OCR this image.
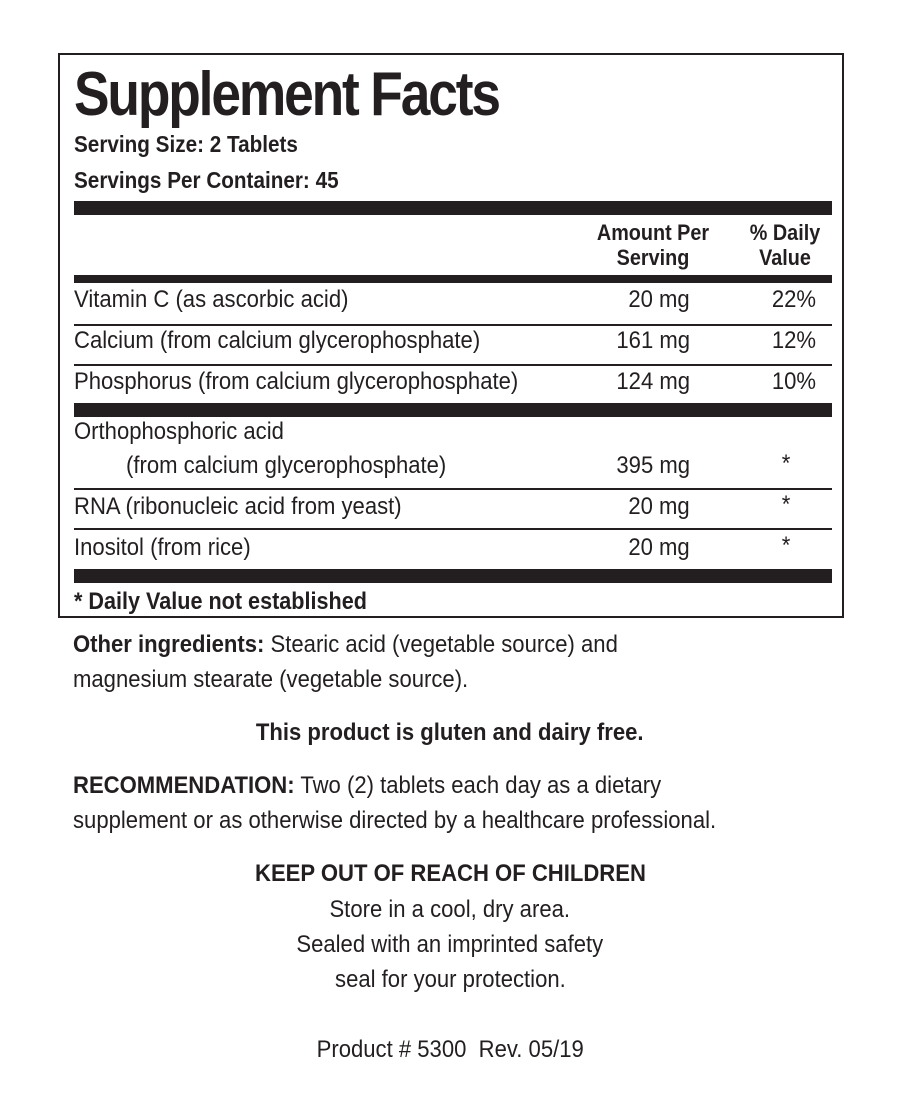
Supplement Facts
Serving Size: 2 Tablets
Servings Per Container: 45
Amount Per
Serving
% Daily
Value
Vitamin C (as ascorbic acid)	20 mg	22%
Calcium (from calcium glycerophosphate)	161 mg	12%
Phosphorus (from calcium glycerophosphate)	124 mg	10%
Orthophosphoric acid
(from calcium glycerophosphate)	395 mg	*
RNA (ribonucleic acid from yeast)	20 mg	*
Inositol (from rice)	20 mg	*
* Daily Value not established
Other ingredients: Stearic acid (vegetable source) and
magnesium stearate (vegetable source).
This product is gluten and dairy free.
RECOMMENDATION: Two (2) tablets each day as a dietary
supplement or as otherwise directed by a healthcare professional.
KEEP OUT OF REACH OF CHILDREN
Store in a cool, dry area.
Sealed with an imprinted safety
seal for your protection.
Product # 5300  Rev. 05/19
